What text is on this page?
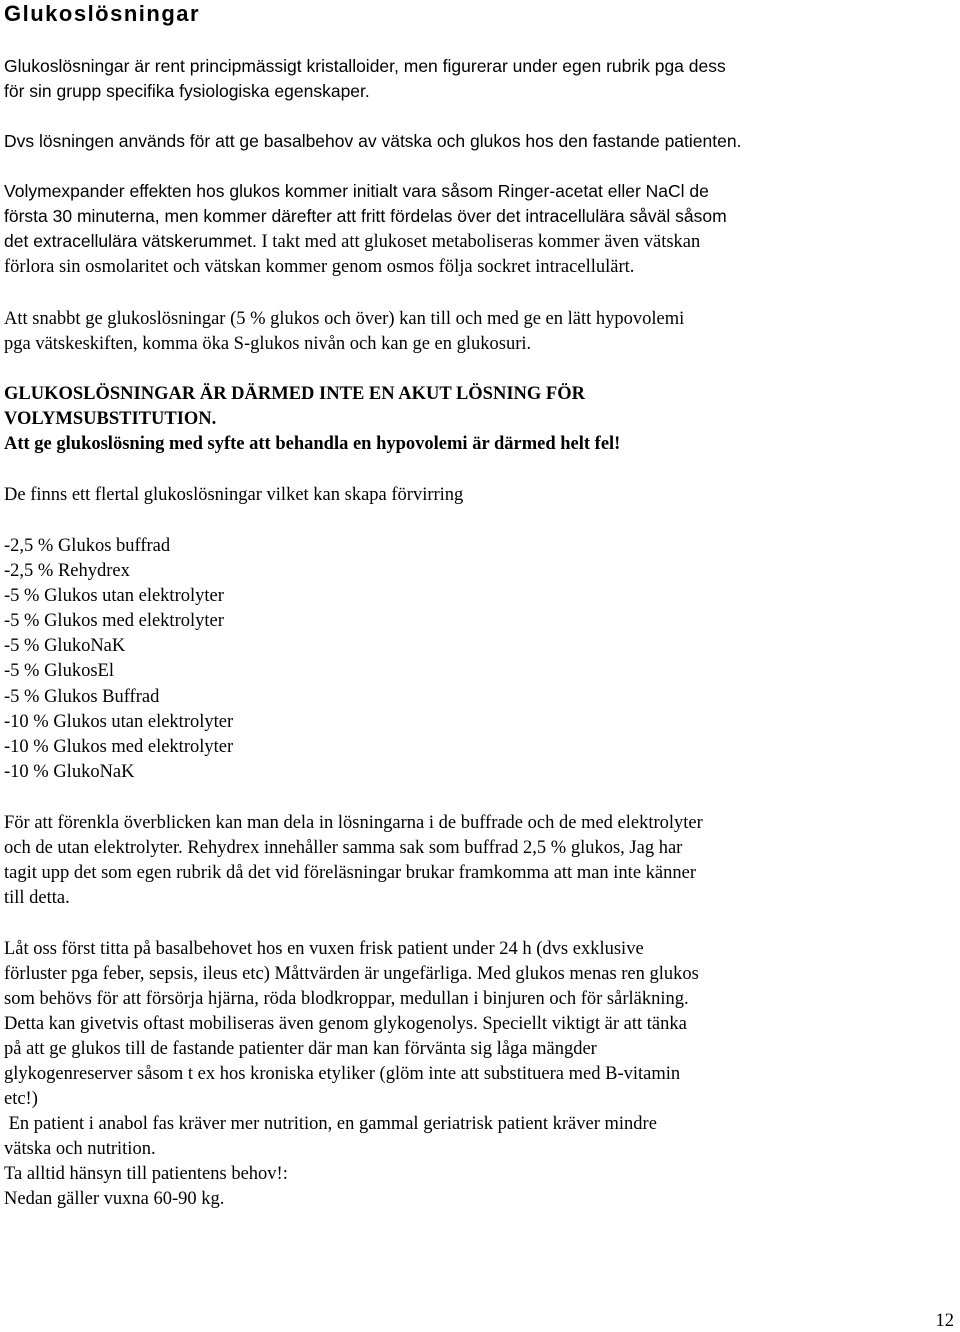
Glukoslösningar

Glukoslösningar är rent principmässigt kristalloider, men figurerar under egen rubrik pga dess
för sin grupp specifika fysiologiska egenskaper.

Dvs lösningen används för att ge basalbehov av vätska och glukos hos den fastande patienten.

Volymexpander effekten hos glukos kommer initialt vara såsom Ringer-acetat eller NaCl de
första 30 minuterna, men kommer därefter att fritt fördelas över det intracellulära såväl såsom
det extracellulära vätskerummet. I takt med att glukoset metaboliseras kommer även vätskan
förlora sin osmolaritet och vätskan kommer genom osmos följa sockret intracellulärt.

Att snabbt ge glukoslösningar (5 % glukos och över) kan till och med ge en lätt hypovolemi
pga vätskeskiften, komma öka S-glukos nivån och kan ge en glukosuri.

GLUKOSLÖSNINGAR ÄR DÄRMED INTE EN AKUT LÖSNING FÖR
VOLYMSUBSTITUTION.
Att ge glukoslösning med syfte att behandla en hypovolemi är därmed helt fel!

De finns ett flertal glukoslösningar vilket kan skapa förvirring

-2,5 % Glukos buffrad
-2,5 % Rehydrex
-5 % Glukos utan elektrolyter
-5 % Glukos med elektrolyter
-5 % GlukoNaK
-5 % GlukosEl
-5 % Glukos Buffrad
-10 % Glukos utan elektrolyter
-10 % Glukos med elektrolyter
-10 % GlukoNaK

För att förenkla överblicken kan man dela in lösningarna i de buffrade och de med elektrolyter
och de utan elektrolyter. Rehydrex innehåller samma sak som buffrad 2,5 % glukos, Jag har
tagit upp det som egen rubrik då det vid föreläsningar brukar framkomma att man inte känner
till detta.

Låt oss först titta på basalbehovet hos en vuxen frisk patient under 24 h (dvs exklusive
förluster pga feber, sepsis, ileus etc) Måttvärden är ungefärliga. Med glukos menas ren glukos
som behövs för att försörja hjärna, röda blodkroppar, medullan i binjuren och för sårläkning.
Detta kan givetvis oftast mobiliseras även genom glykogenolys. Speciellt viktigt är att tänka
på att ge glukos till de fastande patienter där man kan förvänta sig låga mängder
glykogenreserver såsom t ex hos kroniska etyliker (glöm inte att substituera med B-vitamin
etc!)
En patient i anabol fas kräver mer nutrition, en gammal geriatrisk patient kräver mindre
vätska och nutrition.
Ta alltid hänsyn till patientens behov!:
Nedan gäller vuxna 60-90 kg.

12
